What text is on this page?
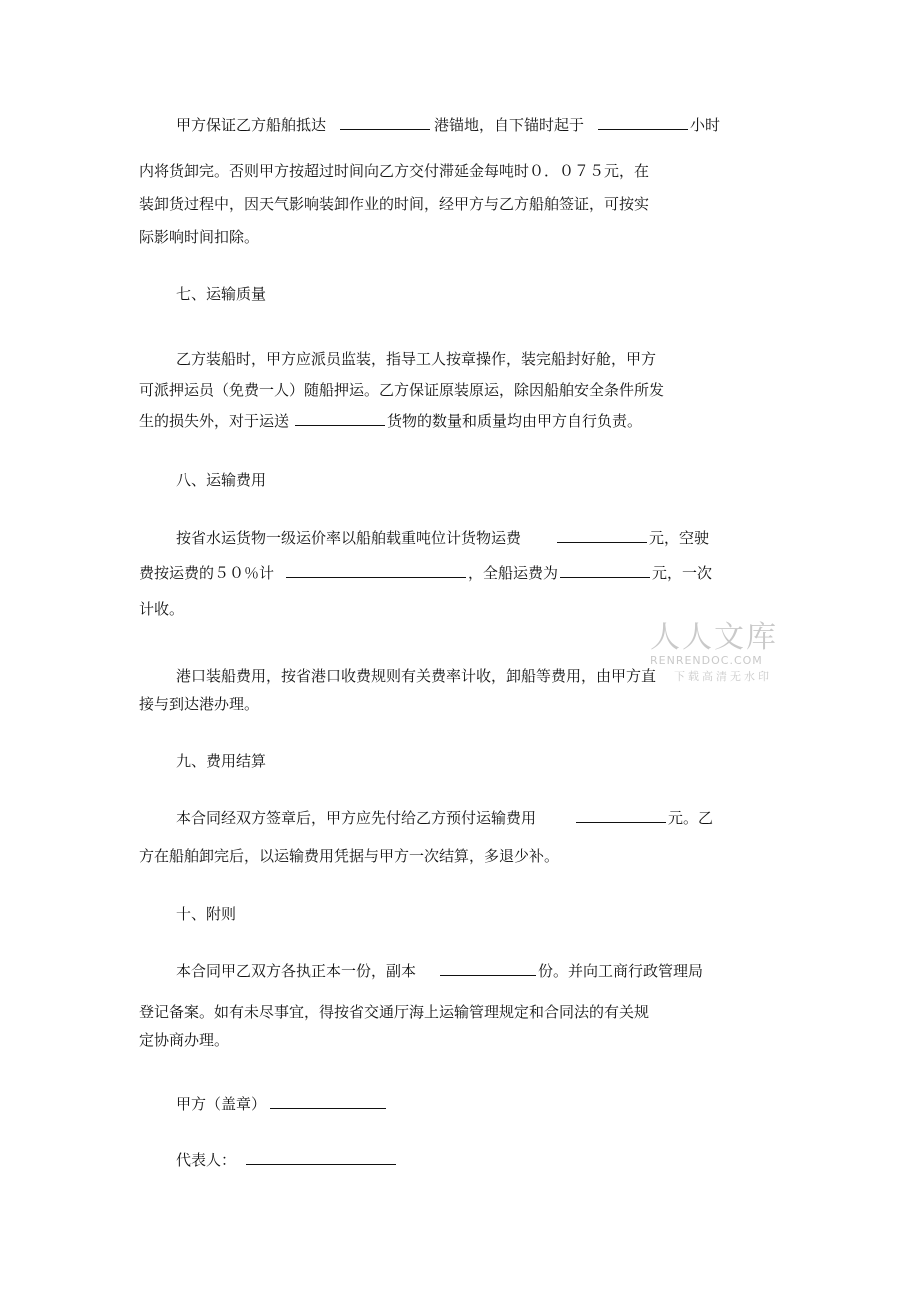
甲方保证乙方船舶抵达	港锚地，自下锚时起于	小时
内将货卸完。否则甲方按超过时间向乙方交付滞延金每吨时０．０７５元，在
装卸货过程中，因天气影响装卸作业的时间，经甲方与乙方船舶签证，可按实
际影响时间扣除。
七、运输质量
乙方装船时，甲方应派员监装，指导工人按章操作，装完船封好舱，甲方
可派押运员（免费一人）随船押运。乙方保证原装原运，除因船舶安全条件所发
生的损失外，对于运送	货物的数量和质量均由甲方自行负责。
八、运输费用
按省水运货物一级运价率以船舶载重吨位计货物运费	元，空驶
费按运费的５０％计	，全船运费为	元，一次
计收。
港口装船费用，按省港口收费规则有关费率计收，卸船等费用，由甲方直
接与到达港办理。
人人文库
RENRENDOC.COM
下载高清无水印
九、费用结算
本合同经双方签章后，甲方应先付给乙方预付运输费用	元。乙
方在船舶卸完后，以运输费用凭据与甲方一次结算，多退少补。
十、附则
本合同甲乙双方各执正本一份，副本	份。并向工商行政管理局
登记备案。如有未尽事宜，得按省交通厅海上运输管理规定和合同法的有关规
定协商办理。
甲方（盖章）
代表人：
